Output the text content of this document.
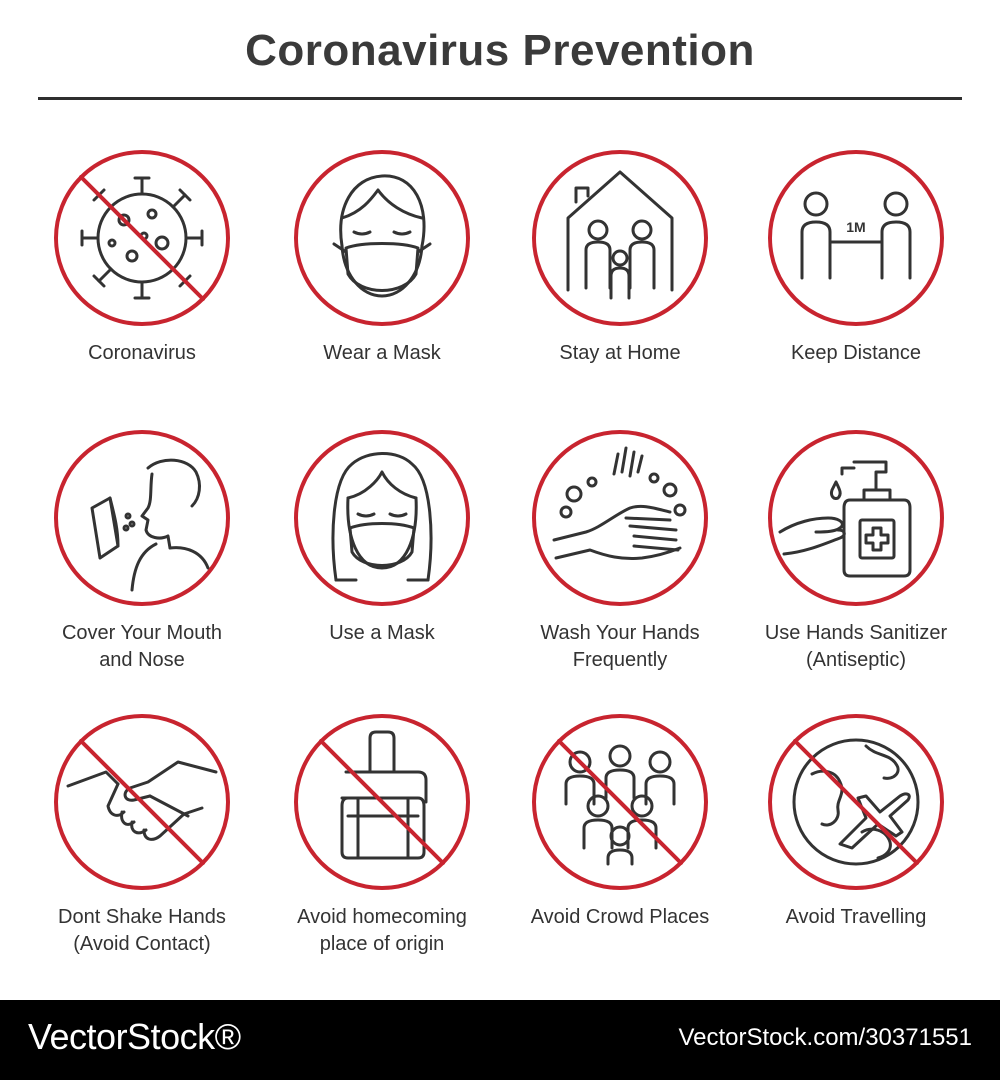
Coronavirus Prevention
Coronavirus	Wear a Mask	Stay at Home
1M
Keep Distance
Cover Your Mouth
and Nose
Use a Mask	Wash Your Hands
Frequently
Use Hands Sanitizer
(Antiseptic)
Dont Shake Hands
(Avoid Contact)
Avoid homecoming
place of origin
Avoid Crowd Places	Avoid Travelling
VectorStock®	VectorStock.com/30371551
